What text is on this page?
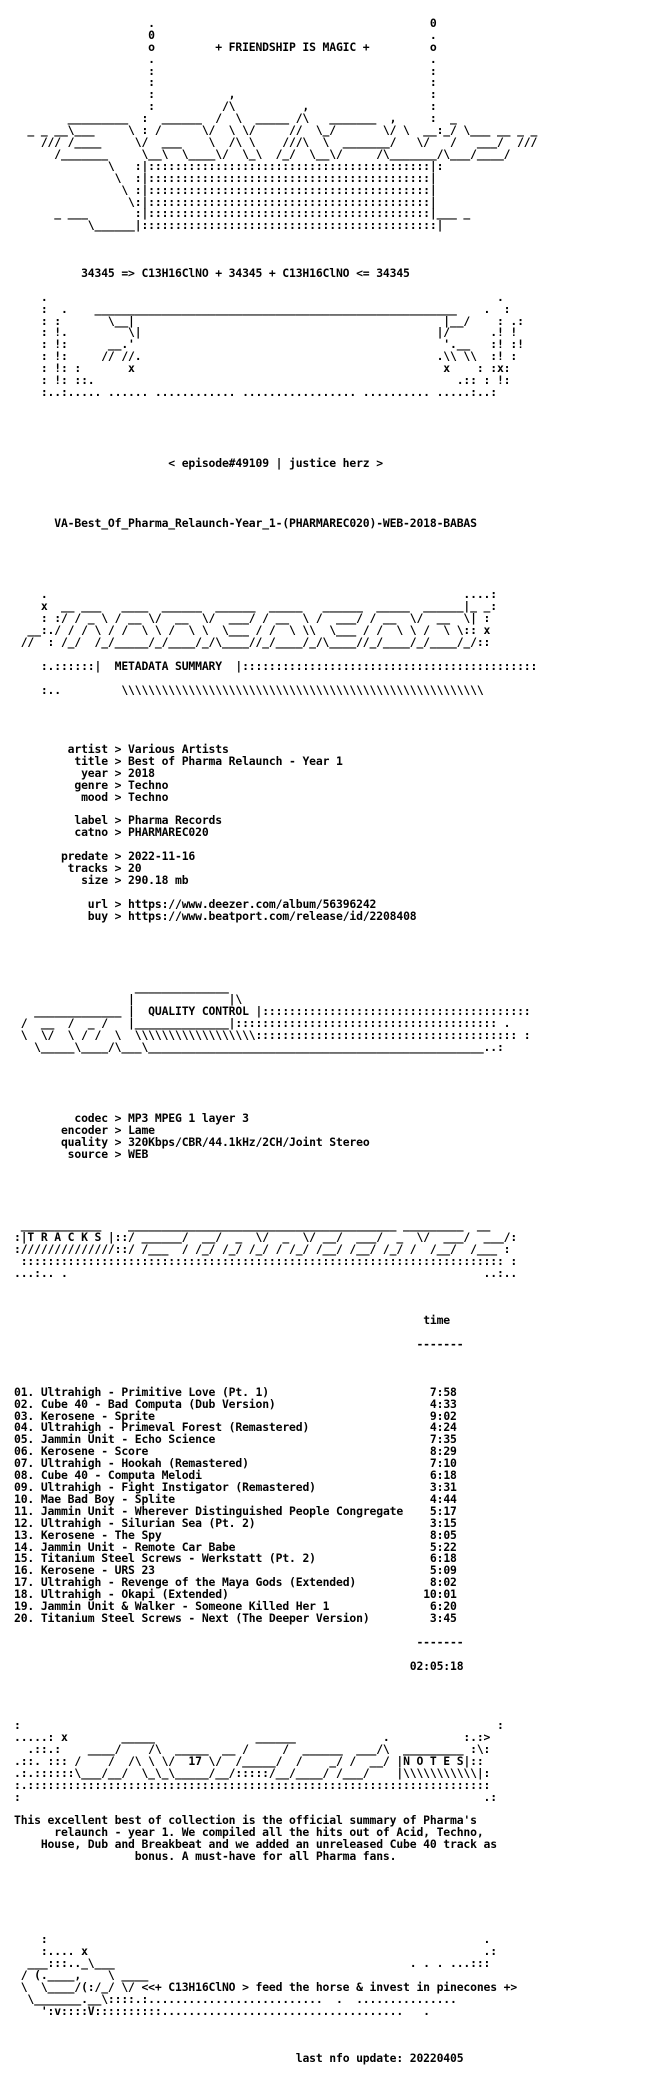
.                                         0
0                                         .
o         + FRIENDSHIP IS MAGIC +         o
.                                         .
:                                         :
:                                         :
:           ,                             :
:          /\          ,                  :
_________  :  ______  /  \  _____ /\   _______  ,     :  _
_ _ __\___     \ : /      \/  \ \/     //  \_/       \/ \  __:_/ \___ __ _ _
/// /____     \/  ___    \  /\ \    ///\  \  _______/   \/   /   ___/  ///
/_______     \__\  \____\/  \_\  /_/  \__\/     /\_______/\___/____/
\   :|::::::::::::::::::::::::::::::::::::::::::|:
\  :|::::::::::::::::::::::::::::::::::::::::::|
\ :|::::::::::::::::::::::::::::::::::::::::::|
\:|::::::::::::::::::::::::::::::::::::::::::|
_ ___       :|::::::::::::::::::::::::::::::::::::::::::|___ _
\______|::::::::::::::::::::::::::::::::::::::::::::|

34345 => C13H16ClNO + 34345 + C13H16ClNO <= 34345

.                                                                   .
:  .    ______________________________________________________    .  :
: :       \__|                                              |__/    : .:
: !.         \|                                            |/      .! !
: !:      __.'                                              '.__   :! :!
: !:     // //.                                            .\\ \\  :! :
: !: :       x                                              x    : :x:
: !: ::.                                                      .:: : !:
:..:..... ...... ............ ................. .......... .....:..:

< episode#49109 | justice herz >

VA-Best_Of_Pharma_Relaunch-Year_1-(PHARMAREC020)-WEB-2018-BABAS

.                                                              ....:
x  __ ___   ____  ______  ______  _____   ______  _____  ______|_ _:
: :/ / _ \ / __ \/  __  \/  ___/ / __  \ /  ___/ / __  \/  __  \| :
__:./ / / \ / /  \ \ /  \ \  \___ / /  \ \\  \___ / /  \ \ /  \ \:: x
//  : /_/  /_/_____/_/____/_/\____//_/____/_/\____//_/____/_/____/_/::

:.::::::|  METADATA SUMMARY  |::::::::::::::::::::::::::::::::::::::::::::

:..         \\\\\\\\\\\\\\\\\\\\\\\\\\\\\\\\\\\\\\\\\\\\\\\\\\\\\\

artist > Various Artists
title > Best of Pharma Relaunch - Year 1
year > 2018
genre > Techno
mood > Techno
label > Pharma Records
catno > PHARMAREC020
predate > 2022-11-16
tracks > 20
size > 290.18 mb
url > https://www.deezer.com/album/56396242
buy > https://www.beatport.com/release/id/2208408

______________
|              |\
_____________ |  QUALITY CONTROL |::::::::::::::::::::::::::::::::::::::::
/  __  /  _ /   |______________|::::::::::::::::::::::::::::::::::::::: .
\  \/  \ / /  \  \\\\\\\\\\\\\\\\\\::::::::::::::::::::::::::::::::::::::: :
\_____\____/\___\__________________________________________________..:

codec > MP3 MPEG 1 layer 3
encoder > Lame
quality > 320Kbps/CBR/44.1kHz/2CH/Joint Stereo
source > WEB

____________    ________________________________________ _________  __
:|T R A C K S |::/ ______/  __/  _  \/  _  \/ __/  ___/  _  \/  ___/  ___/:
://////////////::/ /___  / /_/ /_/ /_/ / /_/ /__/ /__/ /_/ /  /__/  /___ :
:::::::::::::::::::::::::::::::::::::::::::::::::::::::::::::::::::::::: :
...:.. .                                                              ..:..

time

-------

01. Ultrahigh - Primitive Love (Pt. 1)	7:58
02. Cube 40 - Bad Computa (Dub Version)	4:33
03. Kerosene - Sprite	9:02
04. Ultrahigh - Primeval Forest (Remastered)	4:24
05. Jammin Unit - Echo Science	7:35
06. Kerosene - Score	8:29
07. Ultrahigh - Hookah (Remastered)	7:10
08. Cube 40 - Computa Melodi	6:18
09. Ultrahigh - Fight Instigator (Remastered)	3:31
10. Mae Bad Boy - Splite	4:44
11. Jammin Unit - Wherever Distinguished People Congregate 5:17
12. Ultrahigh - Silurian Sea (Pt. 2)	3:15
13. Kerosene - The Spy	8:05
14. Jammin Unit - Remote Car Babe	5:22
15. Titanium Steel Screws - Werkstatt (Pt. 2)	6:18
16. Kerosene - URS 23	5:09
17. Ultrahigh - Revenge of the Maya Gods (Extended)	8:02
18. Ultrahigh - Okapi (Extended)	10:01
19. Jammin Unit & Walker - Someone Killed Her 1	6:20
20. Titanium Steel Screws - Next (The Deeper Version)	3:45

-------

02:05:18

:                                                                       :
.....: x        _____               ______             .           :.:>
.::.:    ____/    /\  _____  __ /     /  ______  ___/\  _________ :\:
.::. ::: /    /  /\ \ \/  17 \/  /_____/  /    _/ /  __/ |N O T E S|::
.:.::::::\___/__/  \_\_\_____/__/:::::/__/____/ /___/    |\\\\\\\\\\\|:
:.:::::::::::::::::::::::::::::::::::::::::::::::::::::::::::::::::::::
:                                                                     .:

This excellent best of collection is the official summary of Pharma's
relaunch - year 1. We compiled all the hits out of Acid, Techno,
House, Dub and Breakbeat and we added an unreleased Cube 40 track as
bonus. A must-have for all Pharma fans.

:                                                                 .
:.... x                                                           .:
___:::.._\___                                            . . . ...:::
/ (.____,    \ ____
\  \____/(:/_/ \/ <<+ C13H16ClNO > feed the horse & invest in pinecones +>
\_______.__\::::.:..........................  .  ...............
':v::::V::::::::::....................................   .

last nfo update: 20220405
